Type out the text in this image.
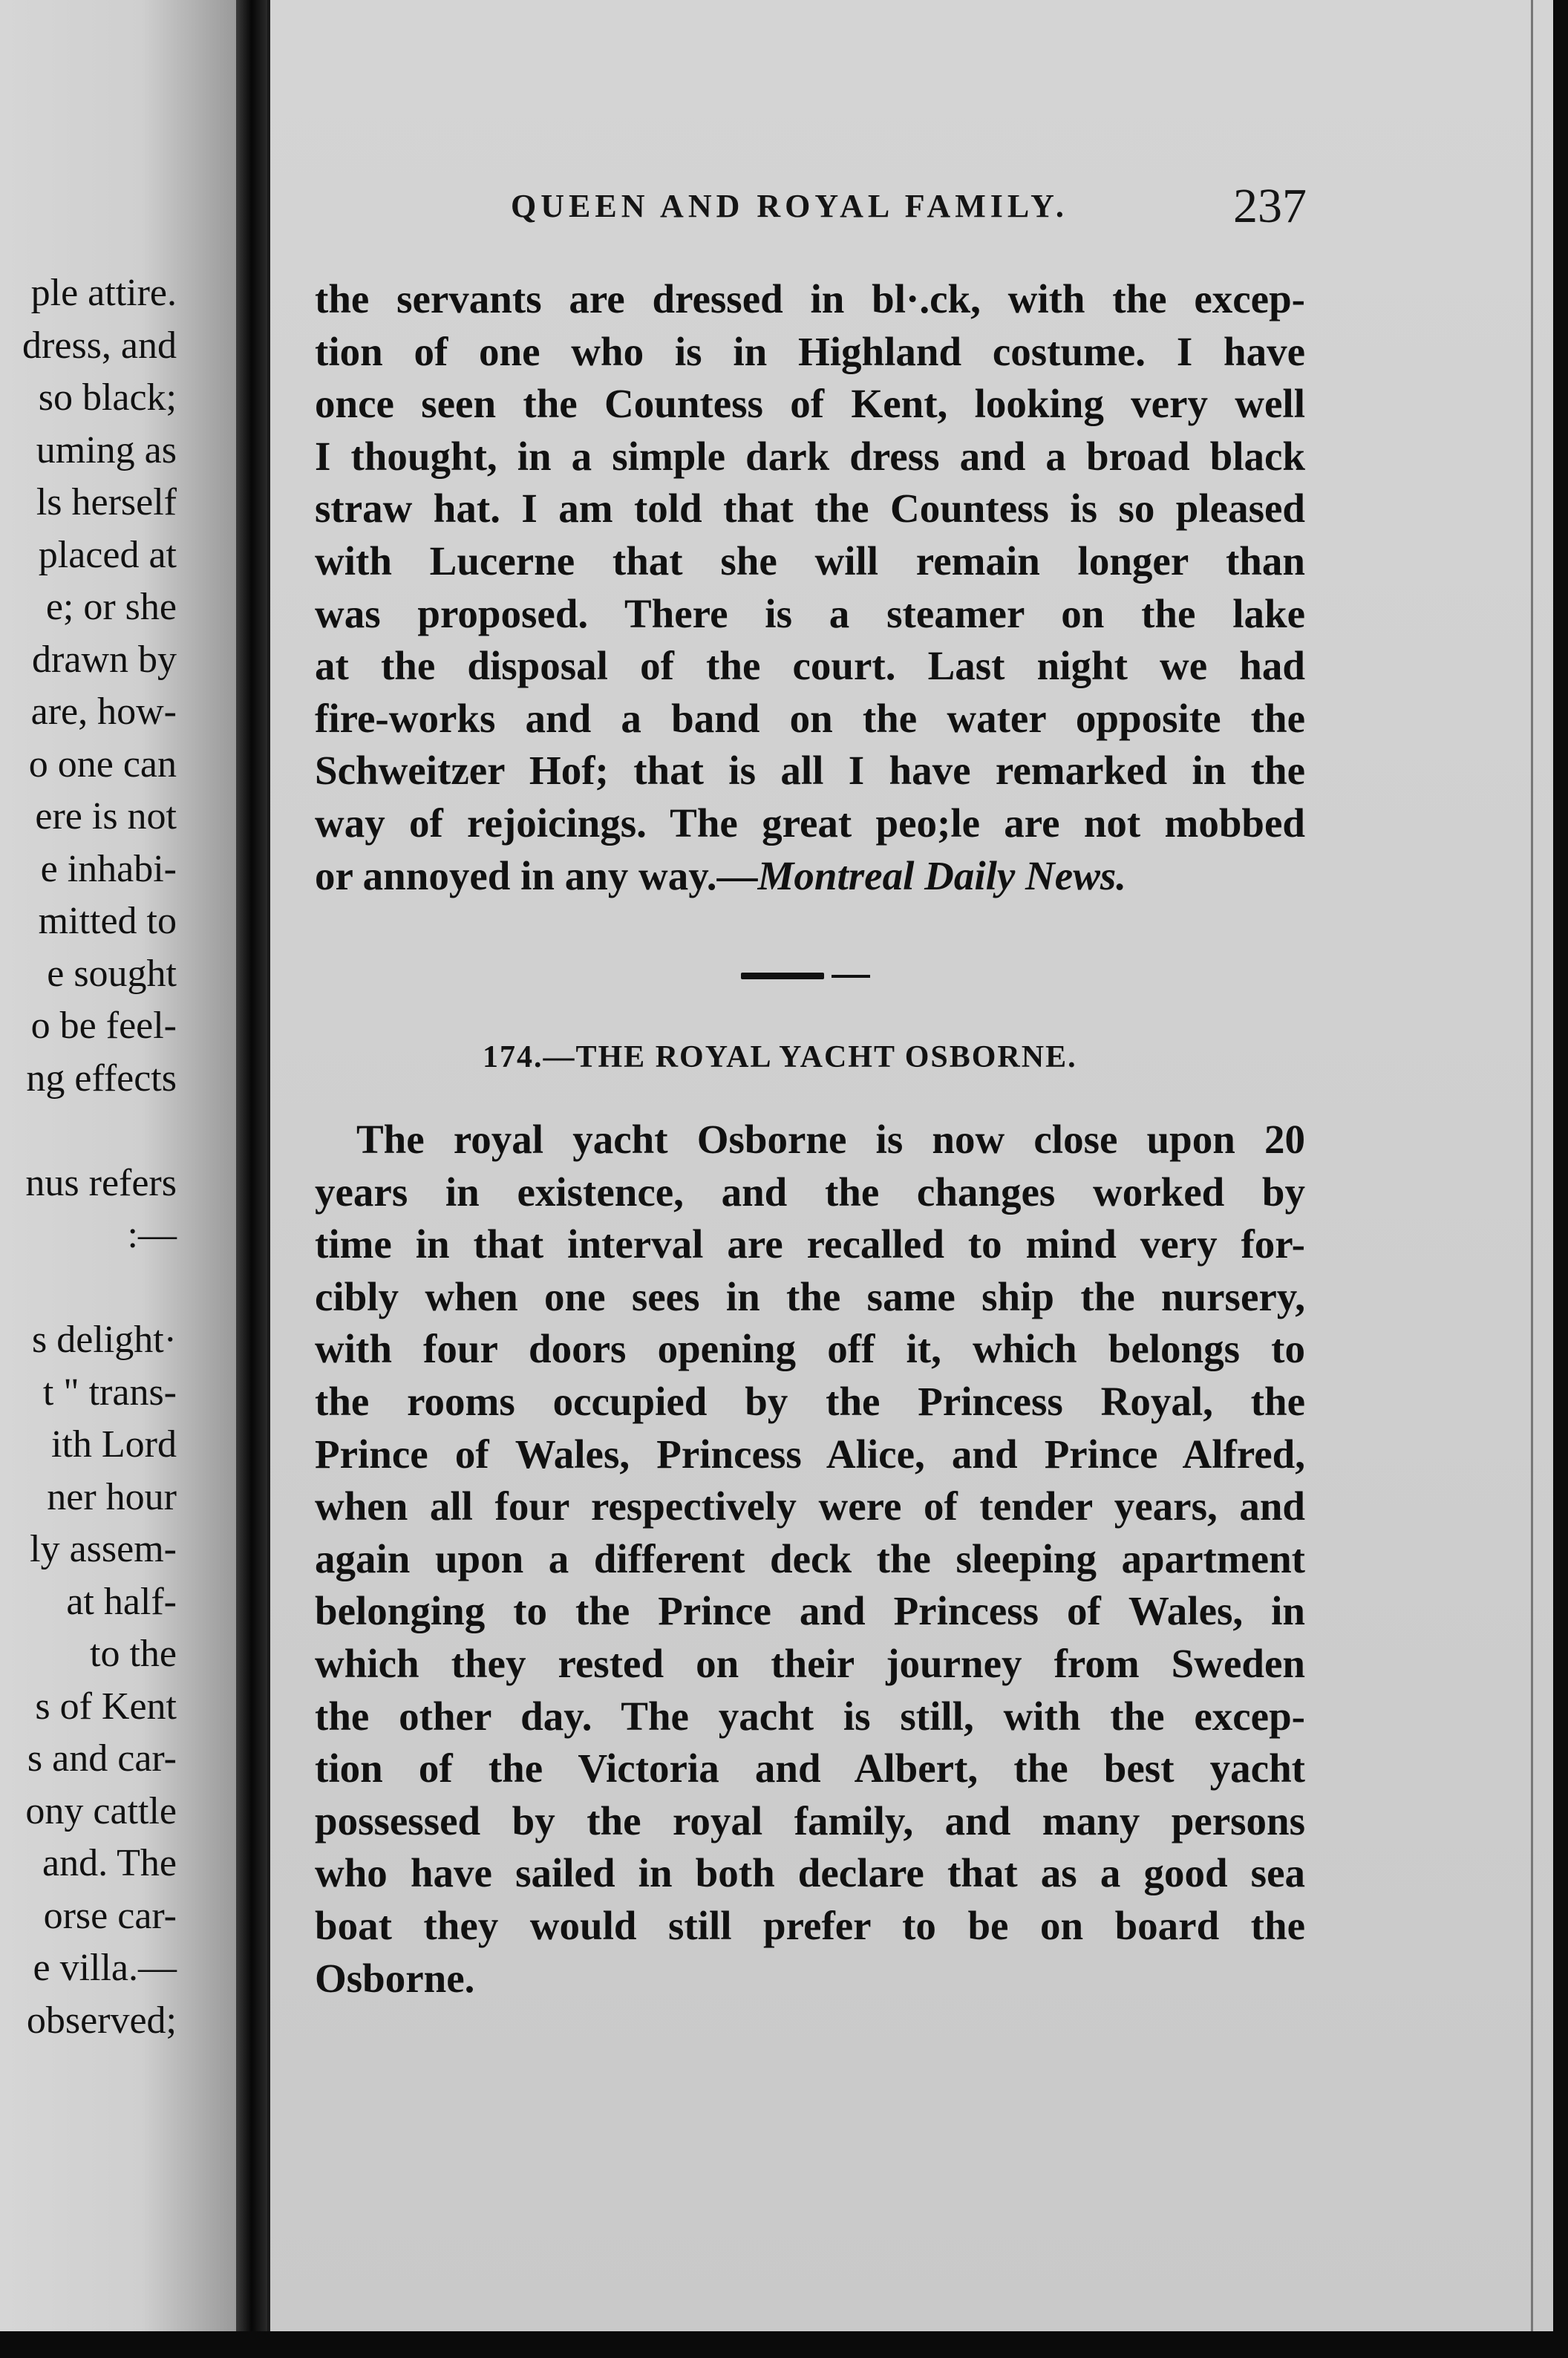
ple attire.
dress, and
so black;
uming as
ls herself
placed at
e; or she
drawn by
are, how-
o one can
ere is not
e inhabi-
mitted to
e sought
o be feel-
ng effects
nus refers
:—
s delight·
t " trans-
ith Lord
ner hour
ly assem-
at half-
to the
s of Kent
s and car-
ony cattle
and. The
orse car-
e villa.—
observed;
QUEEN AND ROYAL FAMILY.	237
the servants are dressed in bl·.ck, with the excep-
tion of one who is in Highland costume. I have
once seen the Countess of Kent, looking very well
I thought, in a simple dark dress and a broad black
straw hat. I am told that the Countess is so pleased
with Lucerne that she will remain longer than
was proposed. There is a steamer on the lake
at the disposal of the court. Last night we had
fire-works and a band on the water opposite the
Schweitzer Hof; that is all I have remarked in the
way of rejoicings. The great peo;le are not mobbed
or annoyed in any way.—Montreal Daily News.
174.—THE ROYAL YACHT OSBORNE.
The royal yacht Osborne is now close upon 20
years in existence, and the changes worked by
time in that interval are recalled to mind very for-
cibly when one sees in the same ship the nursery,
with four doors opening off it, which belongs to
the rooms occupied by the Princess Royal, the
Prince of Wales, Princess Alice, and Prince Alfred,
when all four respectively were of tender years, and
again upon a different deck the sleeping apartment
belonging to the Prince and Princess of Wales, in
which they rested on their journey from Sweden
the other day. The yacht is still, with the excep-
tion of the Victoria and Albert, the best yacht
possessed by the royal family, and many persons
who have sailed in both declare that as a good sea
boat they would still prefer to be on board the
Osborne.
